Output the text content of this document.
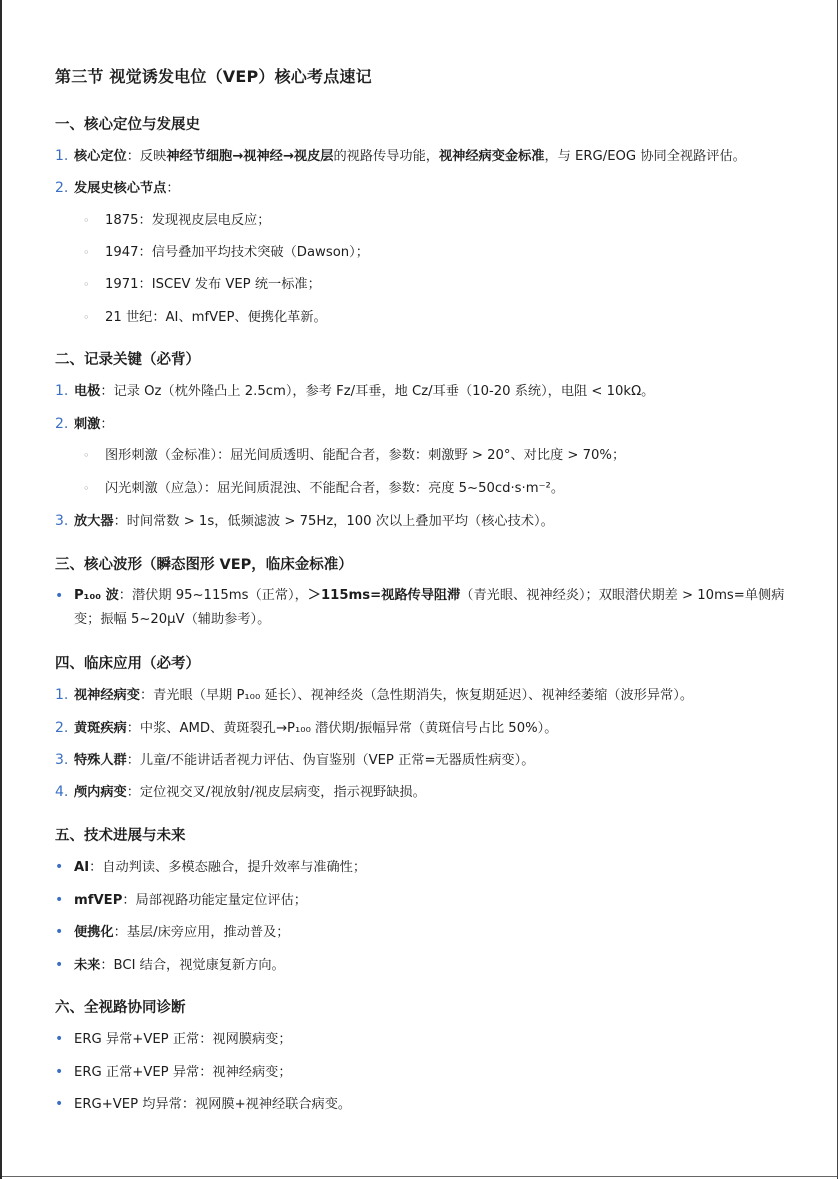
第三节 视觉诱发电位（VEP）核心考点速记
一、核心定位与发展史
1. 核心定位：反映神经节细胞→视神经→视皮层的视路传导功能，视神经病变金标准，与 ERG/EOG 协同全视路评估。
2. 发展史核心节点：
◦ 1875：发现视皮层电反应；
◦ 1947：信号叠加平均技术突破（Dawson）；
◦ 1971：ISCEV 发布 VEP 统一标准；
◦ 21 世纪：AI、mfVEP、便携化革新。
二、记录关键（必背）
1. 电极：记录 Oz（枕外隆凸上 2.5cm），参考 Fz/耳垂，地 Cz/耳垂（10-20 系统），电阻 < 10kΩ。
2. 刺激：
◦ 图形刺激（金标准）：屈光间质透明、能配合者，参数：刺激野 > 20°、对比度 > 70%；
◦ 闪光刺激（应急）：屈光间质混浊、不能配合者，参数：亮度 5~50cd·s·m⁻²。
3. 放大器：时间常数 > 1s，低频滤波 > 75Hz，100 次以上叠加平均（核心技术）。
三、核心波形（瞬态图形 VEP，临床金标准）
• P₁₀₀ 波：潜伏期 95~115ms（正常），＞115ms=视路传导阻滞（青光眼、视神经炎）；双眼潜伏期差 > 10ms=单侧病变；振幅 5~20μV（辅助参考）。
四、临床应用（必考）
1. 视神经病变：青光眼（早期 P₁₀₀ 延长）、视神经炎（急性期消失，恢复期延迟）、视神经萎缩（波形异常）。
2. 黄斑疾病：中浆、AMD、黄斑裂孔→P₁₀₀ 潜伏期/振幅异常（黄斑信号占比 50%）。
3. 特殊人群：儿童/不能讲话者视力评估、伪盲鉴别（VEP 正常=无器质性病变）。
4. 颅内病变：定位视交叉/视放射/视皮层病变，指示视野缺损。
五、技术进展与未来
• AI：自动判读、多模态融合，提升效率与准确性；
• mfVEP：局部视路功能定量定位评估；
• 便携化：基层/床旁应用，推动普及；
• 未来：BCI 结合，视觉康复新方向。
六、全视路协同诊断
• ERG 异常+VEP 正常：视网膜病变；
• ERG 正常+VEP 异常：视神经病变；
• ERG+VEP 均异常：视网膜+视神经联合病变。
